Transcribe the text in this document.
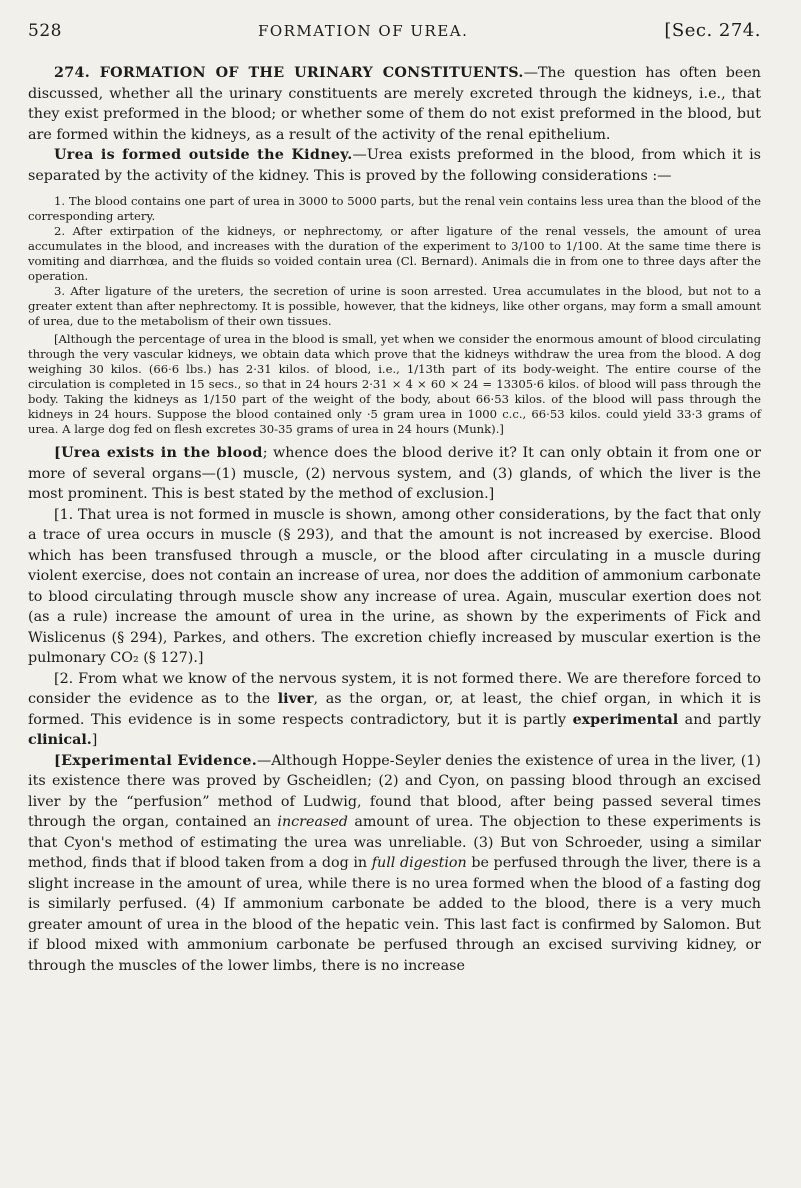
528	FORMATION OF UREA.	[Sec. 274.

274. FORMATION OF THE URINARY CONSTITUENTS.—The question has often been discussed, whether all the urinary constituents are merely excreted through the kidneys, i.e., that they exist preformed in the blood; or whether some of them do not exist preformed in the blood, but are formed within the kidneys, as a result of the activity of the renal epithelium.

Urea is formed outside the Kidney.—Urea exists preformed in the blood, from which it is separated by the activity of the kidney. This is proved by the following considerations :—

1. The blood contains one part of urea in 3000 to 5000 parts, but the renal vein contains less urea than the blood of the corresponding artery.

2. After extirpation of the kidneys, or nephrectomy, or after ligature of the renal vessels, the amount of urea accumulates in the blood, and increases with the duration of the experiment to 3/100 to 1/100. At the same time there is vomiting and diarrhœa, and the fluids so voided contain urea (Cl. Bernard). Animals die in from one to three days after the operation.

3. After ligature of the ureters, the secretion of urine is soon arrested. Urea accumulates in the blood, but not to a greater extent than after nephrectomy. It is possible, however, that the kidneys, like other organs, may form a small amount of urea, due to the metabolism of their own tissues.

[Although the percentage of urea in the blood is small, yet when we consider the enormous amount of blood circulating through the very vascular kidneys, we obtain data which prove that the kidneys withdraw the urea from the blood. A dog weighing 30 kilos. (66·6 lbs.) has 2·31 kilos. of blood, i.e., 1/13th part of its body-weight. The entire course of the circulation is completed in 15 secs., so that in 24 hours 2·31 × 4 × 60 × 24 = 13305·6 kilos. of blood will pass through the body. Taking the kidneys as 1/150 part of the weight of the body, about 66·53 kilos. of the blood will pass through the kidneys in 24 hours. Suppose the blood contained only ·5 gram urea in 1000 c.c., 66·53 kilos. could yield 33·3 grams of urea. A large dog fed on flesh excretes 30-35 grams of urea in 24 hours (Munk).]

[Urea exists in the blood; whence does the blood derive it? It can only obtain it from one or more of several organs—(1) muscle, (2) nervous system, and (3) glands, of which the liver is the most prominent. This is best stated by the method of exclusion.]

[1. That urea is not formed in muscle is shown, among other considerations, by the fact that only a trace of urea occurs in muscle (§ 293), and that the amount is not increased by exercise. Blood which has been transfused through a muscle, or the blood after circulating in a muscle during violent exercise, does not contain an increase of urea, nor does the addition of ammonium carbonate to blood circulating through muscle show any increase of urea. Again, muscular exertion does not (as a rule) increase the amount of urea in the urine, as shown by the experiments of Fick and Wislicenus (§ 294), Parkes, and others. The excretion chiefly increased by muscular exertion is the pulmonary CO₂ (§ 127).]

[2. From what we know of the nervous system, it is not formed there. We are therefore forced to consider the evidence as to the liver, as the organ, or, at least, the chief organ, in which it is formed. This evidence is in some respects contradictory, but it is partly experimental and partly clinical.]

[Experimental Evidence.—Although Hoppe-Seyler denies the existence of urea in the liver, (1) its existence there was proved by Gscheidlen; (2) and Cyon, on passing blood through an excised liver by the “perfusion” method of Ludwig, found that blood, after being passed several times through the organ, contained an increased amount of urea. The objection to these experiments is that Cyon's method of estimating the urea was unreliable. (3) But von Schroeder, using a similar method, finds that if blood taken from a dog in full digestion be perfused through the liver, there is a slight increase in the amount of urea, while there is no urea formed when the blood of a fasting dog is similarly perfused. (4) If ammonium carbonate be added to the blood, there is a very much greater amount of urea in the blood of the hepatic vein. This last fact is confirmed by Salomon. But if blood mixed with ammonium carbonate be perfused through an excised surviving kidney, or through the muscles of the lower limbs, there is no increase
